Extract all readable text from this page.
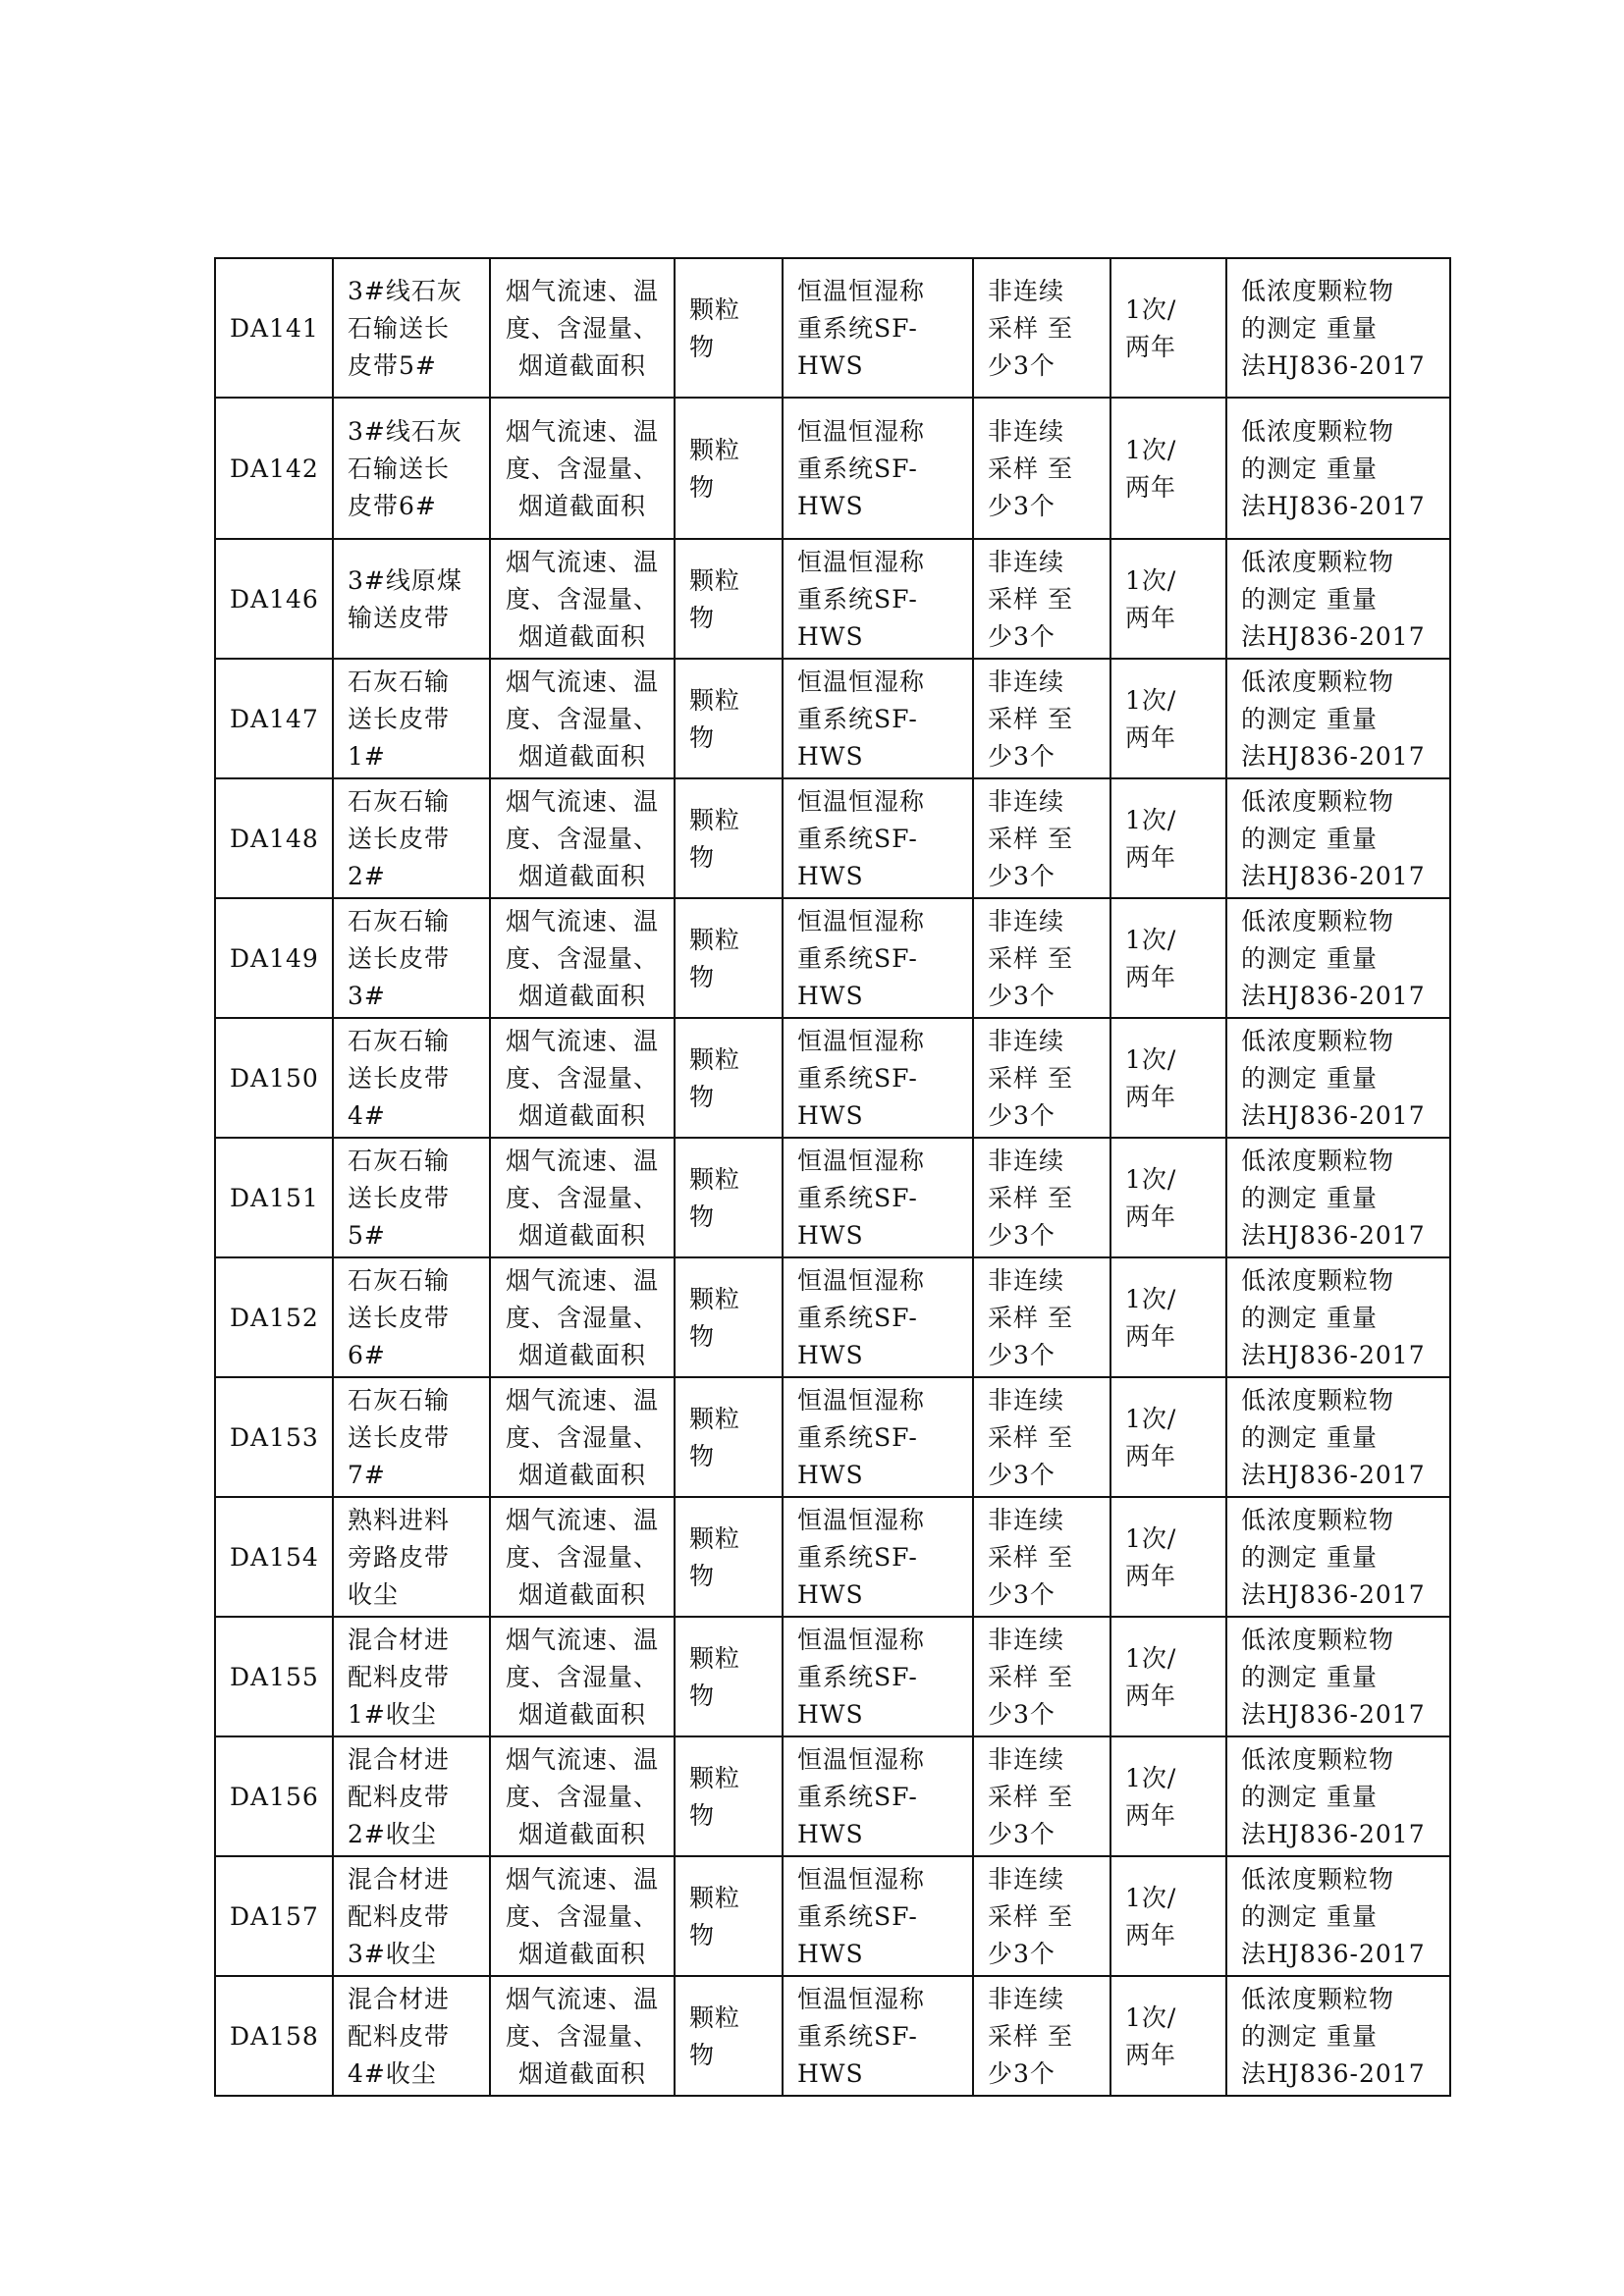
DA141	3#线石灰
石输送长
皮带5#	烟气流速、温
度、含湿量、
烟道截面积	颗粒
物	恒温恒湿称
重系统SF-
HWS	非连续
采样 至
少3个	1次/
两年	低浓度颗粒物
的测定 重量
法HJ836-2017

DA142	3#线石灰
石输送长
皮带6#	烟气流速、温
度、含湿量、
烟道截面积	颗粒
物	恒温恒湿称
重系统SF-
HWS	非连续
采样 至
少3个	1次/
两年	低浓度颗粒物
的测定 重量
法HJ836-2017

DA146	3#线原煤
输送皮带	烟气流速、温
度、含湿量、
烟道截面积	颗粒
物	恒温恒湿称
重系统SF-
HWS	非连续
采样 至
少3个	1次/
两年	低浓度颗粒物
的测定 重量
法HJ836-2017

DA147	石灰石输
送长皮带
1#	烟气流速、温
度、含湿量、
烟道截面积	颗粒
物	恒温恒湿称
重系统SF-
HWS	非连续
采样 至
少3个	1次/
两年	低浓度颗粒物
的测定 重量
法HJ836-2017

DA148	石灰石输
送长皮带
2#	烟气流速、温
度、含湿量、
烟道截面积	颗粒
物	恒温恒湿称
重系统SF-
HWS	非连续
采样 至
少3个	1次/
两年	低浓度颗粒物
的测定 重量
法HJ836-2017

DA149	石灰石输
送长皮带
3#	烟气流速、温
度、含湿量、
烟道截面积	颗粒
物	恒温恒湿称
重系统SF-
HWS	非连续
采样 至
少3个	1次/
两年	低浓度颗粒物
的测定 重量
法HJ836-2017

DA150	石灰石输
送长皮带
4#	烟气流速、温
度、含湿量、
烟道截面积	颗粒
物	恒温恒湿称
重系统SF-
HWS	非连续
采样 至
少3个	1次/
两年	低浓度颗粒物
的测定 重量
法HJ836-2017

DA151	石灰石输
送长皮带
5#	烟气流速、温
度、含湿量、
烟道截面积	颗粒
物	恒温恒湿称
重系统SF-
HWS	非连续
采样 至
少3个	1次/
两年	低浓度颗粒物
的测定 重量
法HJ836-2017

DA152	石灰石输
送长皮带
6#	烟气流速、温
度、含湿量、
烟道截面积	颗粒
物	恒温恒湿称
重系统SF-
HWS	非连续
采样 至
少3个	1次/
两年	低浓度颗粒物
的测定 重量
法HJ836-2017

DA153	石灰石输
送长皮带
7#	烟气流速、温
度、含湿量、
烟道截面积	颗粒
物	恒温恒湿称
重系统SF-
HWS	非连续
采样 至
少3个	1次/
两年	低浓度颗粒物
的测定 重量
法HJ836-2017

DA154	熟料进料
旁路皮带
收尘	烟气流速、温
度、含湿量、
烟道截面积	颗粒
物	恒温恒湿称
重系统SF-
HWS	非连续
采样 至
少3个	1次/
两年	低浓度颗粒物
的测定 重量
法HJ836-2017

DA155	混合材进
配料皮带
1#收尘	烟气流速、温
度、含湿量、
烟道截面积	颗粒
物	恒温恒湿称
重系统SF-
HWS	非连续
采样 至
少3个	1次/
两年	低浓度颗粒物
的测定 重量
法HJ836-2017

DA156	混合材进
配料皮带
2#收尘	烟气流速、温
度、含湿量、
烟道截面积	颗粒
物	恒温恒湿称
重系统SF-
HWS	非连续
采样 至
少3个	1次/
两年	低浓度颗粒物
的测定 重量
法HJ836-2017

DA157	混合材进
配料皮带
3#收尘	烟气流速、温
度、含湿量、
烟道截面积	颗粒
物	恒温恒湿称
重系统SF-
HWS	非连续
采样 至
少3个	1次/
两年	低浓度颗粒物
的测定 重量
法HJ836-2017

DA158	混合材进
配料皮带
4#收尘	烟气流速、温
度、含湿量、
烟道截面积	颗粒
物	恒温恒湿称
重系统SF-
HWS	非连续
采样 至
少3个	1次/
两年	低浓度颗粒物
的测定 重量
法HJ836-2017
